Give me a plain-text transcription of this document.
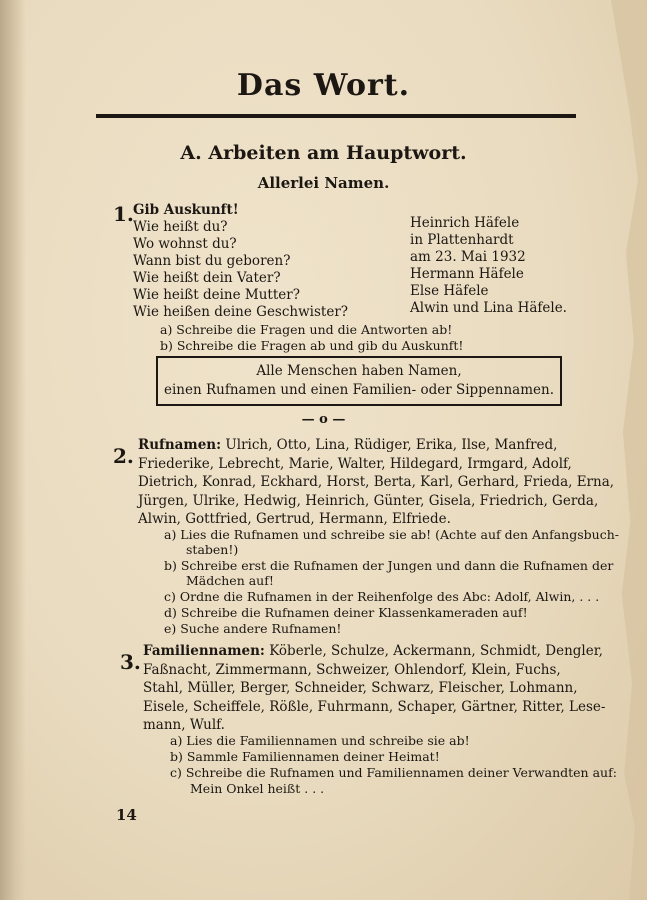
Das Wort.
A. Arbeiten am Hauptwort.
Allerlei Namen.
1. Gib Auskunft!
Wie heißt du?
Wo wohnst du?
Wann bist du geboren?
Wie heißt dein Vater?
Wie heißt deine Mutter?
Wie heißen deine Geschwister?
Heinrich Häfele
in Plattenhardt
am 23. Mai 1932
Hermann Häfele
Else Häfele
Alwin und Lina Häfele.
a) Schreibe die Fragen und die Antworten ab!
b) Schreibe die Fragen ab und gib du Auskunft!
Alle Menschen haben Namen,
einen Rufnamen und einen Familien- oder Sippennamen.
— o —
2. Rufnamen: Ulrich, Otto, Lina, Rüdiger, Erika, Ilse, Manfred,
Friederike, Lebrecht, Marie, Walter, Hildegard, Irmgard, Adolf,
Dietrich, Konrad, Eckhard, Horst, Berta, Karl, Gerhard, Frieda, Erna,
Jürgen, Ulrike, Hedwig, Heinrich, Günter, Gisela, Friedrich, Gerda,
Alwin, Gottfried, Gertrud, Hermann, Elfriede.
a) Lies die Rufnamen und schreibe sie ab! (Achte auf den Anfangsbuch-
staben!)
b) Schreibe erst die Rufnamen der Jungen und dann die Rufnamen der
Mädchen auf!
c) Ordne die Rufnamen in der Reihenfolge des Abc: Adolf, Alwin, . . .
d) Schreibe die Rufnamen deiner Klassenkameraden auf!
e) Suche andere Rufnamen!
3. Familiennamen: Köberle, Schulze, Ackermann, Schmidt, Dengler,
Faßnacht, Zimmermann, Schweizer, Ohlendorf, Klein, Fuchs,
Stahl, Müller, Berger, Schneider, Schwarz, Fleischer, Lohmann,
Eisele, Scheiffele, Rößle, Fuhrmann, Schaper, Gärtner, Ritter, Lese-
mann, Wulf.
a) Lies die Familiennamen und schreibe sie ab!
b) Sammle Familiennamen deiner Heimat!
c) Schreibe die Rufnamen und Familiennamen deiner Verwandten auf:
Mein Onkel heißt . . .
14
